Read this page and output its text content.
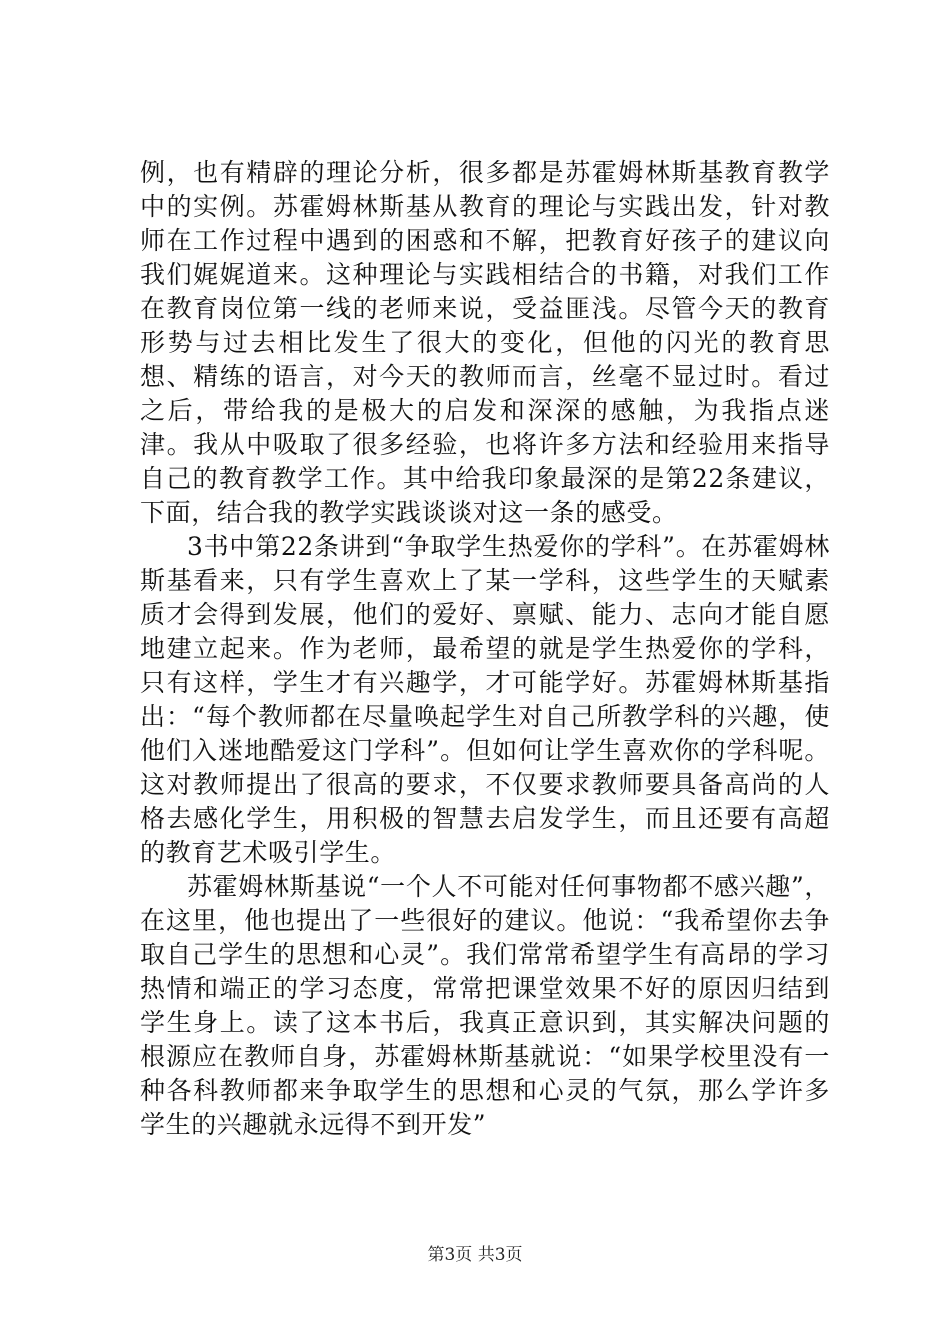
例，也有精辟的理论分析，很多都是苏霍姆林斯基教育教学中的实例。苏霍姆林斯基从教育的理论与实践出发，针对教师在工作过程中遇到的困惑和不解，把教育好孩子的建议向我们娓娓道来。这种理论与实践相结合的书籍，对我们工作在教育岗位第一线的老师来说，受益匪浅。尽管今天的教育形势与过去相比发生了很大的变化，但他的闪光的教育思想、精练的语言，对今天的教师而言，丝毫不显过时。看过之后，带给我的是极大的启发和深深的感触，为我指点迷津。我从中吸取了很多经验，也将许多方法和经验用来指导自己的教育教学工作。其中给我印象最深的是第22条建议，下面，结合我的教学实践谈谈对这一条的感受。

3书中第22条讲到“争取学生热爱你的学科”。在苏霍姆林斯基看来，只有学生喜欢上了某一学科，这些学生的天赋素质才会得到发展，他们的爱好、禀赋、能力、志向才能自愿地建立起来。作为老师，最希望的就是学生热爱你的学科，只有这样，学生才有兴趣学，才可能学好。苏霍姆林斯基指出：“每个教师都在尽量唤起学生对自己所教学科的兴趣，使他们入迷地酷爱这门学科”。但如何让学生喜欢你的学科呢。这对教师提出了很高的要求，不仅要求教师要具备高尚的人格去感化学生，用积极的智慧去启发学生，而且还要有高超的教育艺术吸引学生。

苏霍姆林斯基说“一个人不可能对任何事物都不感兴趣”，在这里，他也提出了一些很好的建议。他说：“我希望你去争取自己学生的思想和心灵”。我们常常希望学生有高昂的学习热情和端正的学习态度，常常把课堂效果不好的原因归结到学生身上。读了这本书后，我真正意识到，其实解决问题的根源应在教师自身，苏霍姆林斯基就说：“如果学校里没有一种各科教师都来争取学生的思想和心灵的气氛，那么学许多学生的兴趣就永远得不到开发”

第3页 共3页
